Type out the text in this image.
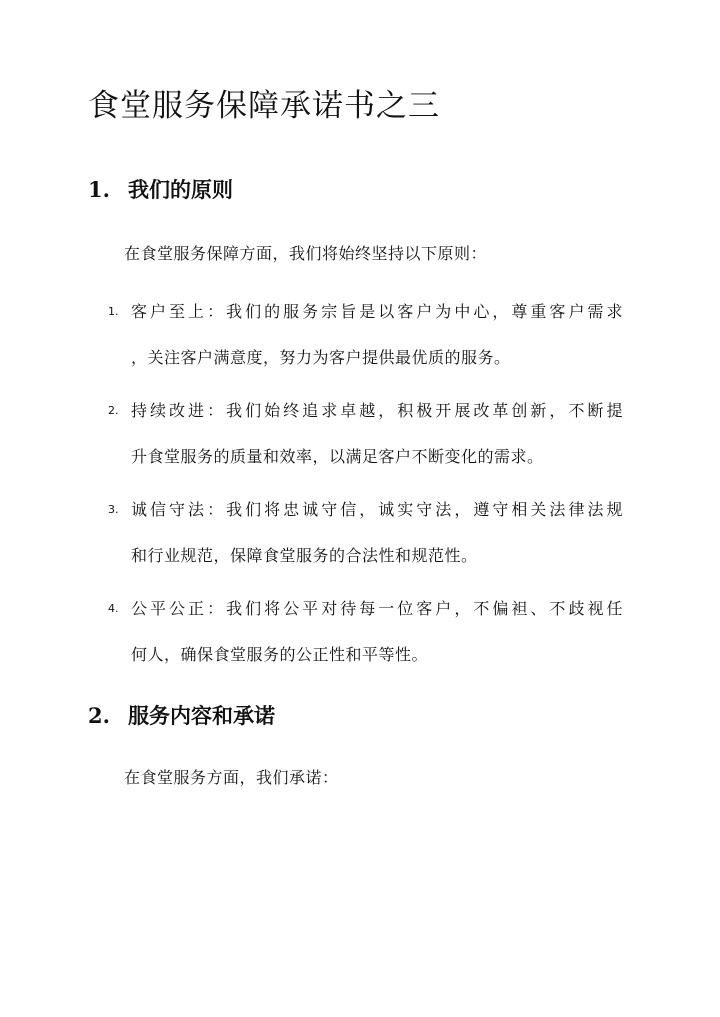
食堂服务保障承诺书之三
1. 我们的原则

在食堂服务保障方面，我们将始终坚持以下原则：

1. 客户至上：我们的服务宗旨是以客户为中心，尊重客户需求
，关注客户满意度，努力为客户提供最优质的服务。
2. 持续改进：我们始终追求卓越，积极开展改革创新，不断提
升食堂服务的质量和效率，以满足客户不断变化的需求。
3. 诚信守法：我们将忠诚守信，诚实守法，遵守相关法律法规
和行业规范，保障食堂服务的合法性和规范性。
4. 公平公正：我们将公平对待每一位客户，不偏袒、不歧视任
何人，确保食堂服务的公正性和平等性。
2. 服务内容和承诺

在食堂服务方面，我们承诺：
